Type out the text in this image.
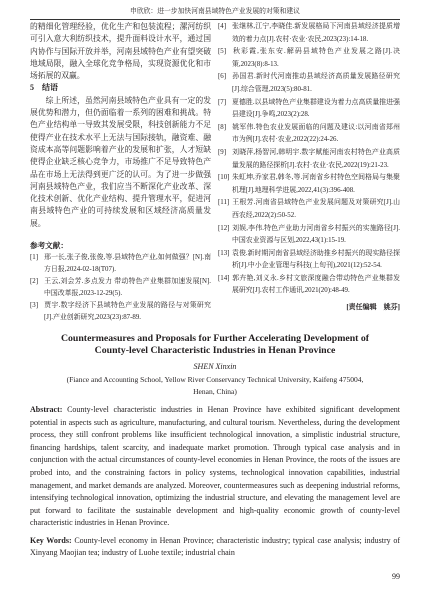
申欣欣：进一步加快河南县域特色产业发展的对策和建议

的精细化管理经验，优化生产和包装流程；漯河纺织可引入意大利纺织技术，提升面料设计水平，通过国内协作与国际开放并举，河南县域特色产业有望突破地域局限，融入全球化竞争格局，实现资源优化和市场拓展的双赢。

5　结语

综上所述，虽然河南县域特色产业具有一定的发展优势和潜力，但仍面临着一系列的困难和挑战。特色产业结构单一导致其发展受限，科技创新能力不足使得产业在技术水平上无法与国际接轨，融资难、融资成本高等问题影响着产业的发展和扩张，人才短缺使得企业缺乏核心竞争力，市场推广不足导致特色产品在市场上无法得到更广泛的认可。为了进一步做强河南县域特色产业，我们应当不断深化产业改革、深化技术创新、优化产业结构、提升管理水平，促进河南县域特色产业的可持续发展和区域经济高质量发展。

参考文献：

[1] 邢一长,张子俊,张俊,等.县域特色产业,如何做强？[N].南方日报,2024-02-18(T07).

[2] 王云,刘会芳.多点发力 带动特色产业集群加速发展[N].中国改革报,2023-12-29(5).

[3] 贾宇.数字经济下县域特色产业发展的路径与对策研究[J].产业创新研究,2023(23):87-89.

[4] 张继林,江宁,李晓佳.新发展格局下河南县域经济提质增效的着力点[J].农村·农业·农民,2023(23):14-18.

[5] 秋彩霞,张东安.解码县域特色产业发展之路[J].决策,2023(8):8-13.

[6] 孙国君.新时代河南推动县域经济高质量发展路径研究[J].综合管理,2023(5):80-81.

[7] 夏德胜.以县域特色产业集群建设为着力点高质量推进强县建设[J].争鸣,2023(2):28.

[8] 姚军伟.特色农业发展面临的问题及建议:以河南省郑州市为例[J].农村·农业,2022(22):24-26.

[9] 刘晓萍,杨智河,韩明宇.数字赋能河南农村特色产业高质量发展的路径探析[J].农村·农业·农民,2022(19):21-23.

[10] 朱虹坤,乔家君,韩冬,等.河南省乡村特色空间格局与集聚机理[J].地理科学进展,2022,41(3):396-408.

[11] 王根芳.河南省县域特色产业发展问题及对策研究[J].山西农经,2022(2):50-52.

[12] 刘娱,李伟.特色产业助力河南省乡村振兴的实施路径[J].中国农业资源与区划,2022,43(1):15-19.

[13] 袁俊.新时期河南省县域经济助推乡村振兴的现实路径探析[J].中小企业管理与科技(上旬刊),2021(12):52-54.

[14] 郭卉艳,刘义永.乡村文旅深度融合带动特色产业集群发展研究[J].农村工作通讯,2021(20):48-49.

[责任编辑　姚芬]

Countermeasures and Proposals for Further Accelerating Development of County-level Characteristic Industries in Henan Province
SHEN Xinxin
(Fiance and Accounting School, Yellow River Conservancy Technical University, Kaifeng 475004, Henan, China)

Abstract: County-level characteristic industries in Henan Province have exhibited significant development potential in aspects such as agriculture, manufacturing, and cultural tourism. Nevertheless, during the development process, they still confront problems like insufficient technological innovation, a simplistic industrial structure, financing hardships, talent scarcity, and inadequate market promotion. Through typical case analysis and in conjunction with the actual circumstances of county-level economies in Henan Province, the roots of the issues are probed into, and the constraining factors in policy systems, technological innovation capabilities, industrial management, and market demands are analyzed. Moreover, countermeasures such as deepening industrial reforms, intensifying technological innovation, optimizing the industrial structure, and elevating the management level are put forward to facilitate the sustainable development and high-quality economic growth of county-level characteristic industries in Henan Province.

Key Words: County-level economy in Henan Province; characteristic industry; typical case analysis; industry of Xinyang Maojian tea; industry of Luohe textile; industrial chain

99
